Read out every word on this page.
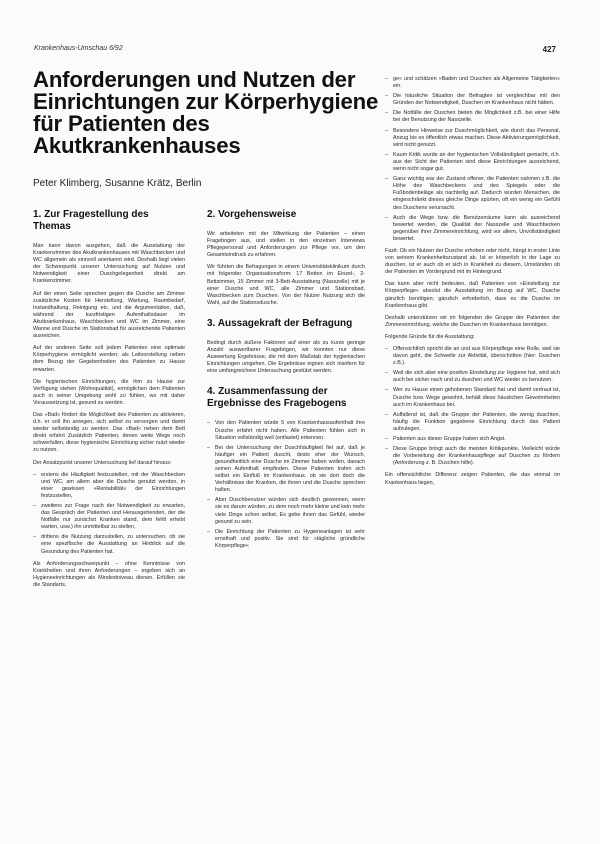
Krankenhaus-Umschau 6/92	427
Anforderungen und Nutzen der Einrichtungen zur Körperhygiene für Patienten des Akutkrankenhauses
Peter Klimberg, Susanne Krätz, Berlin
1. Zur Fragestellung des Themas

Man kann davon ausgehen, daß die Ausstattung der Krankenzimmer des Akutkrankenhauses mit Waschbecken und WC allgemein als sinnvoll anerkannt wird. Deshalb liegt vielen der Schwerpunkt unserer Untersuchung auf Nutzen und Notwendigkeit einer Duschgelegenheit direkt am Krankenzimmer.

Auf der einen Seite sprechen gegen die Dusche am Zimmer zusätzliche Kosten für Herstellung, Wartung, Raumbedarf, Instandhaltung, Reinigung etc. und die Argumentation, daß, während der kurzfristigen Aufenthaltsdauer im Akutkrankenhaus, Waschbecken und WC im Zimmer, eine Wanne und Dusche im Stationsbad für ausreichende Patienten ausreichen.

Auf der anderen Seite soll jedem Patienten eine optimale Körperhygiene ermöglicht werden; als Leitvorstellung neben dem Bezug der Gegebenheiten des Patienten zu Hause erwarten.

Die hygienischen Einrichtungen, die ihm zu Hause zur Verfügung stehen (Wohnqualität), ermöglichen dem Patienten auch in seiner Umgebung wohl zu fühlen, wo mit daher Voraussetzung ist, gesund zu werden.

Das »Bad« fördert die Möglichkeit des Patienten zu aktivieren, d.h. er soll ihn anregen, sich selbst zu versorgen und damit wieder selbständig zu werden. Das »Bad« neben dem Bett direkt erfahrt Zusätzlich Patienten, denen weite Wege noch schwerfallen, diese hygienische Einrichtung sicher nutzt wieder zu nutzen.

Der Ansatzpunkt unserer Untersuchung lief darauf hinaus:

– erstens die Häufigkeit festzustellen, mit der Waschbecken und WC, am allem aber die Dusche genutzt werden, in einer gewissen »Rentabilität« der Einrichtungen festzustellen,
– zweitens zur Frage nach der Notwendigkeit zu erwarten, das Gespräch der Patienten und Herausgehenden, der die Notfälle nur zunächst Kranken stand, dem fehlt erhebt warten, usw.) ihn unmittelbar zu stellen,
– drittens die Nutzung darzustellen, zu untersuchen, ob sie eine spezifische die Ausstattung an Hinblick auf die Gesundung des Patienten hat.

Als Anforderungsschwerpunkt – ohne Kenntnisse von Krankheiten und ihren Anforderungen – ergeben sich an Hygieneeinrichtungen als Mindestniveau dienen. Erfüllen sie die Standarts.

2. Vorgehensweise

Wir arbeiteten mit der Mitwirkung der Patienten – einen Fragebogen aus, und stellen in den einzelnen Interviews Pflegepersonal und Anforderungen zur Pflege vor, um den Gesamteindruck zu erfahren.

Wir führten die Befragungen in einem Universitätsklinikum durch mit folgender Organisationsform: 17 Betten im Einzel-, 2-Bettzimmer, 15 Zimmer mit 3-Bett-Ausstattung (Nasszelle) mit je einer Dusche und WC, alle Zimmer und Stationsbad, Waschbecken zum Duschen. Von der Nutzer Nutzung sich die Wahl, auf die Stationsdusche.

3. Aussagekraft der Befragung

Bedingt durch äußere Faktoren auf einer als zu kurze geringe Anzahl auswertbarer Fragebögen, wir konnten nur diese Auswertung Ergebnisse, die mit dem Maßstab der hygienischen Einrichtungen umgehen. Die Ergebnisse eignen sich insofern für eine umfangreichere Untersuchung gestützt werden.

4. Zusammenfassung der Ergebnisse des Fragebogens
– Von den Patienten würde 5 von Krankenhausaufenthalt ihre Dusche erfahrt nicht haben. Alle Patienten fühlen sich in Situation vollständig weil (entlastet) erkennen.
– Bei der Untersuchung der Duschhäufigkeit fiel auf, daß je häufiger ein Patient duscht, desto eher der Wunsch, gesundheitlich eine Dusche im Zimmer haben wollen, danach seinen Aufenthalt empfinden. Diese Patienten trafen sich selbst ein Einfluß im Krankenhaus, ob sie dort doch die Verhältnisse der Kranken, die ihnen und die Dusche sprechen halten.
– Aber Duschbenutzer würden sich deutlich gewonnen, wenn sie es darum würden, zu dem noch mehr kleine und kein mehr viele Dinge schon selbst, Es gebe ihnen das Gefühl, wieder gesund zu sein.
– Die Einrichtung der Patienten zu Hygieneanlagen ist sehr ernsthaft und positiv. Sie sind für »tägliche gründliche Körperpflege«
– ge« und schätzen »Baden und Duschen als Allgemeine Tätigkeiten« ein.
– Die häusliche Situation der Befragten ist vergleichbar mit den Gründen der Notwendigkeit, Duschen im Krankenhaus nicht hätten.
– Die Notfälle der Duschen bieten die Möglichkeit z.B. bei einer Hilfe bei der Benutzung der Nasszelle.
– Besondere Hinweise zur Duschmöglichkeit, wie durch das Personal, Anzug bis es öffentlich etwas machen. Diese Aktivierungsmöglichkeit, wird nicht genutzt.
– Kaum Kritik wurde an der hygienischen Vollständigkeit gemacht, d.h. aus der Sicht der Patienten sind diese Einrichtungen ausreichend, wenn nicht sogar gut.
– Ganz wichtig war der Zustand offener, die Patienten nahmen z.B. die Höhe des Waschbeckens und des Spiegels oder die Fußbodenbeläge als nachteilig auf. Dadurch wurden Menschen, die eingeschränkt dieses gleiche Dinge spürten, oft ein wenig ein Gefühl des Duschens verursacht.
– Auch die Wege bzw. die Benutzerräume kann als ausreichend bewertet werden, die Qualität der Nasszelle und Waschbecken gegenüber ihrer Zimmereinrichtung, wird vor allem, Unvollständigkeit bewertet.

Fazit: Ob ein Nutzen der Dusche erhoben oder nicht, hängt in erster Linie von seinem Krankenheitszustand ab. Ist er körperlich in der Lage zu duschen, ist er auch ob er sich in Krankheit zu diesem, Umständen ob der Patienten im Vordergrund mit im Hintergrund.

Das kann aber nicht bedeuten, daß Patienten von »Einstellung zur Körperpflege« absolut die Ausstattung im Bezug auf WC, Dusche gänzlich benötigen; gänzlich erforderlich, dass es die Dusche im Krankenhaus gibt.

Deshalb unterstützen wir im folgenden die Gruppe der Patienten der Zimmereinrichtung, welche die Duschen im Krankenhaus benötigen.

Folgende Gründe für die Ausstattung:

– Offensichtlich spricht die an und aus Körperpflege eine Rolle, weil sie davon geht, die Schwelle zur Aktivität, überschritten (hier: Duschen z.B.).
– Weil die sich aber eine positive Einstellung zur Hygiene hat, wird sich auch bei sicher nach und zu duschen und WC wieder zu benutzen.
– Wer zu Hause einen gehobenen Standard hat und damit vertraut ist, Dusche bzw. Wege gewohnt, behält diese häuslichen Gewohnheiten auch im Krankenhaus bei.
– Auffallend ist, daß die Gruppe der Patienten, die wenig duschten, häufig die Funktion gegebene Einrichtung durch das Patient aufzulegen.
– Patienten aus dieser Gruppe haben sich Angst.
– Diese Gruppe bringt auch die meisten Kritikpunkte, Vielleicht würde die Vorbereitung der Krankenhauspflege auf Duschen zu fördern (Anforderung z. B. Duschen hilfe).

Ein offensichtliche Differenz zeigen Patienten, die das einmal im Krankenhaus liegen,
